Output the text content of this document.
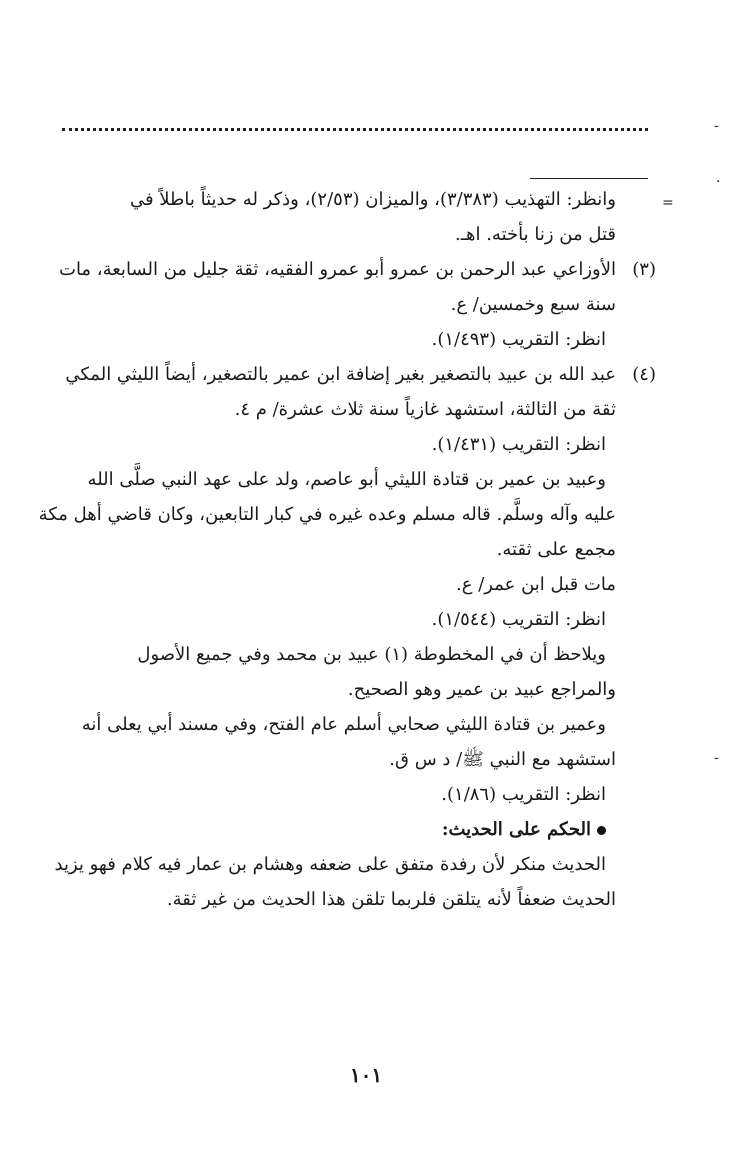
=
-
·
-
وانظر: التهذيب (٣/٣٨٣)، والميزان (٢/٥٣)، وذكر له حديثاً باطلاً في
قتل من زنا بأخته. اهـ.
(٣)
الأوزاعي عبد الرحمن بن عمرو أبو عمرو الفقيه، ثقة جليل من السابعة، مات
سنة سبع وخمسين/ ع.
انظر: التقريب (١/٤٩٣).
(٤)
عبد الله بن عبيد بالتصغير بغير إضافة ابن عمير بالتصغير، أيضاً الليثي المكي
ثقة من الثالثة، استشهد غازياً سنة ثلاث عشرة/ م ٤.
انظر: التقريب (١/٤٣١).
وعبيد بن عمير بن قتادة الليثي أبو عاصم، ولد على عهد النبي صلَّى الله
عليه وآله وسلَّم. قاله مسلم وعده غيره في كبار التابعين، وكان قاضي أهل مكة
مجمع على ثقته.
مات قبل ابن عمر/ ع.
انظر: التقريب (١/٥٤٤).
ويلاحظ أن في المخطوطة (١) عبيد بن محمد وفي جميع الأصول
والمراجع عبيد بن عمير وهو الصحيح.
وعمير بن قتادة الليثي صحابي أسلم عام الفتح، وفي مسند أبي يعلى أنه
استشهد مع النبي ﷺ/ د س ق.
انظر: التقريب (١/٨٦).
الحكم على الحديث:
الحديث منكر لأن رفدة متفق على ضعفه وهشام بن عمار فيه كلام فهو يزيد
الحديث ضعفاً لأنه يتلقن فلربما تلقن هذا الحديث من غير ثقة.
١٠١
